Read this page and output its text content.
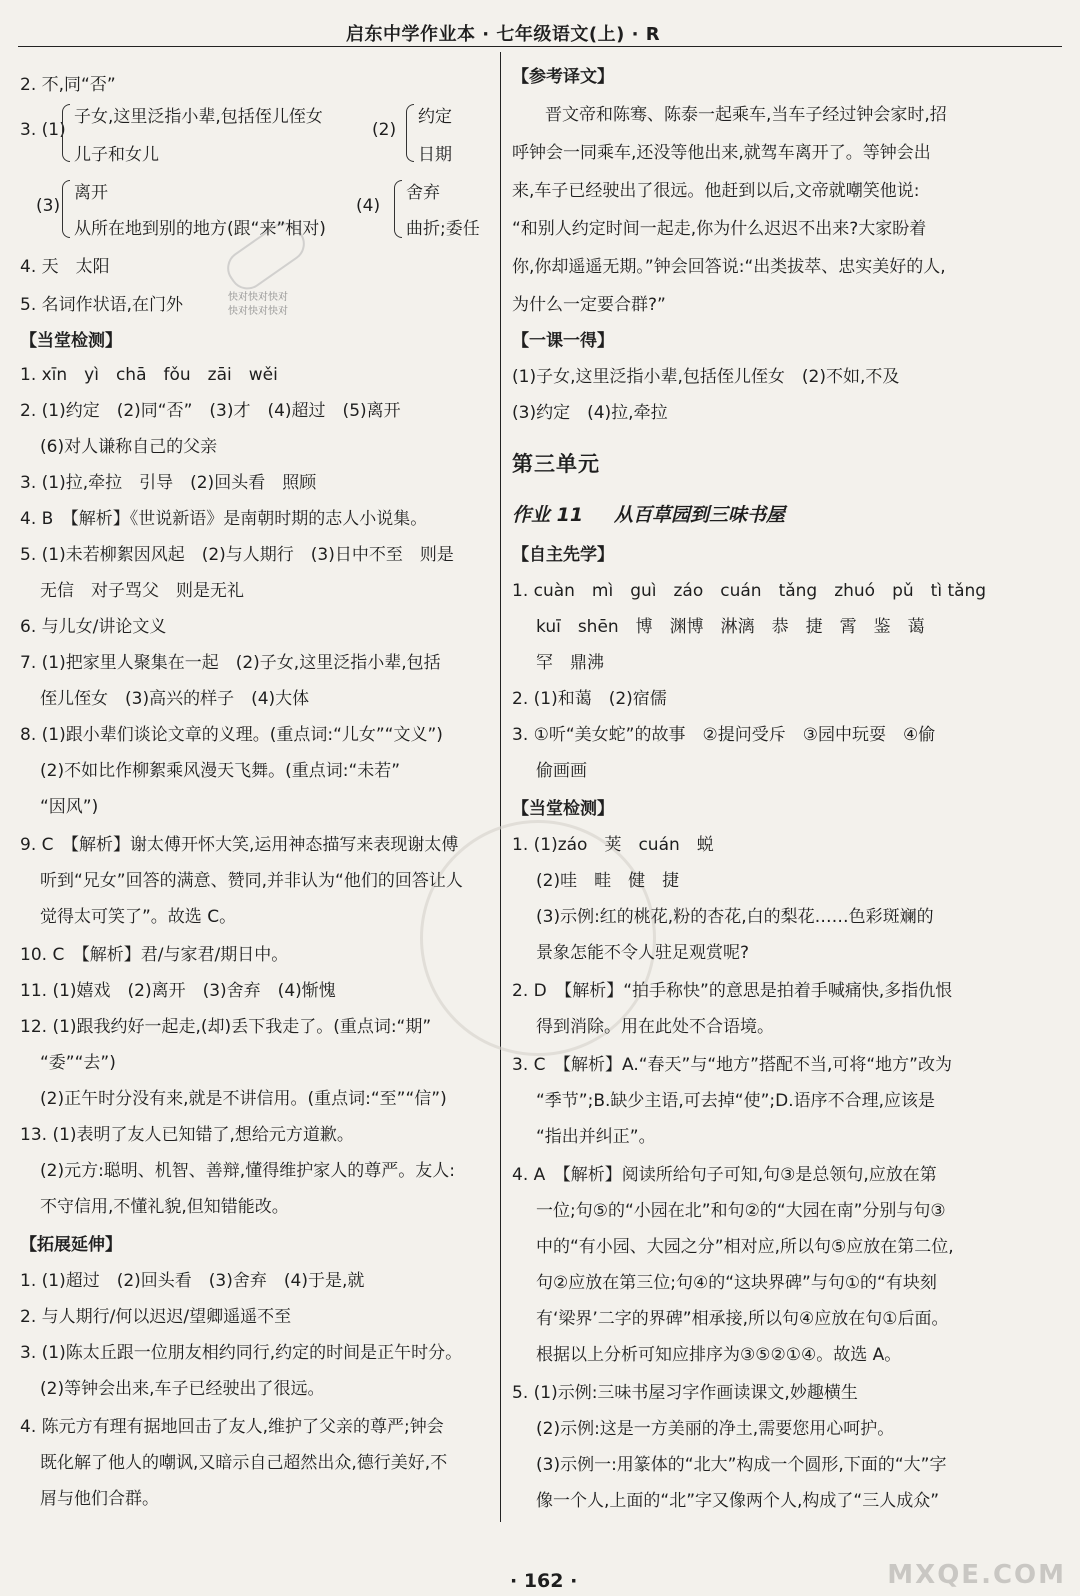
启东中学作业本 · 七年级语文(上) · R
快对快对快对
快对快对快对
MXQE.COM
2. 不,同“否”
3. (1)
子女,这里泛指小辈,包括侄儿侄女
儿子和女儿
(2)
约定
日期
(3)
离开
从所在地到别的地方(跟“来”相对)
(4)
舍弃
曲折;委任
4. 天　太阳
5. 名词作状语,在门外
【当堂检测】
1. xīn　yì　chā　fǒu　zāi　wěi
2. (1)约定　(2)同“否”　(3)才　(4)超过　(5)离开
(6)对人谦称自己的父亲
3. (1)拉,牵拉　引导　(2)回头看　照顾
4. B　【解析】《世说新语》是南朝时期的志人小说集。
5. (1)未若柳絮因风起　(2)与人期行　(3)日中不至　则是
无信　对子骂父　则是无礼
6. 与儿女/讲论文义
7. (1)把家里人聚集在一起　(2)子女,这里泛指小辈,包括
侄儿侄女　(3)高兴的样子　(4)大体
8. (1)跟小辈们谈论文章的义理。(重点词:“儿女”“文义”)
(2)不如比作柳絮乘风漫天飞舞。(重点词:“未若”
“因风”)
9. C　【解析】谢太傅开怀大笑,运用神态描写来表现谢太傅
听到“兄女”回答的满意、赞同,并非认为“他们的回答让人
觉得太可笑了”。故选 C。
10. C　【解析】君/与家君/期日中。
11. (1)嬉戏　(2)离开　(3)舍弃　(4)惭愧
12. (1)跟我约好一起走,(却)丢下我走了。(重点词:“期”
“委”“去”)
(2)正午时分没有来,就是不讲信用。(重点词:“至”“信”)
13. (1)表明了友人已知错了,想给元方道歉。
(2)元方:聪明、机智、善辩,懂得维护家人的尊严。友人:
不守信用,不懂礼貌,但知错能改。
【拓展延伸】
1. (1)超过　(2)回头看　(3)舍弃　(4)于是,就
2. 与人期行/何以迟迟/望卿遥遥不至
3. (1)陈太丘跟一位朋友相约同行,约定的时间是正午时分。
(2)等钟会出来,车子已经驶出了很远。
4. 陈元方有理有据地回击了友人,维护了父亲的尊严;钟会
既化解了他人的嘲讽,又暗示自己超然出众,德行美好,不
屑与他们合群。
【参考译文】
晋文帝和陈骞、陈泰一起乘车,当车子经过钟会家时,招
呼钟会一同乘车,还没等他出来,就驾车离开了。等钟会出
来,车子已经驶出了很远。他赶到以后,文帝就嘲笑他说:
“和别人约定时间一起走,你为什么迟迟不出来?大家盼着
你,你却遥遥无期。”钟会回答说:“出类拔萃、忠实美好的人,
为什么一定要合群?”
【一课一得】
(1)子女,这里泛指小辈,包括侄儿侄女　(2)不如,不及
(3)约定　(4)拉,牵拉
第三单元
作业 11 从百草园到三味书屋
【自主先学】
1. cuàn　mì　guì　záo　cuán　tǎng　zhuó　pǔ　tì tǎng
kuī　shēn　博　渊博　淋漓　恭　捷　霄　鉴　蔼
罕　鼎沸
2. (1)和蔼　(2)宿儒
3. ①听“美女蛇”的故事　②提问受斥　③园中玩耍　④偷
偷画画
【当堂检测】
1. (1)záo　荚　cuán　蜕
(2)哇　畦　健　捷
(3)示例:红的桃花,粉的杏花,白的梨花……色彩斑斓的
景象怎能不令人驻足观赏呢?
2. D　【解析】“拍手称快”的意思是拍着手喊痛快,多指仇恨
得到消除。用在此处不合语境。
3. C　【解析】A.“春天”与“地方”搭配不当,可将“地方”改为
“季节”;B.缺少主语,可去掉“使”;D.语序不合理,应该是
“指出并纠正”。
4. A　【解析】阅读所给句子可知,句③是总领句,应放在第
一位;句⑤的“小园在北”和句②的“大园在南”分别与句③
中的“有小园、大园之分”相对应,所以句⑤应放在第二位,
句②应放在第三位;句④的“这块界碑”与句①的“有块刻
有‘梁界’二字的界碑”相承接,所以句④应放在句①后面。
根据以上分析可知应排序为③⑤②①④。故选 A。
5. (1)示例:三味书屋习字作画读课文,妙趣横生
(2)示例:这是一方美丽的净土,需要您用心呵护。
(3)示例一:用篆体的“北大”构成一个圆形,下面的“大”字
像一个人,上面的“北”字又像两个人,构成了“三人成众”
· 162 ·
